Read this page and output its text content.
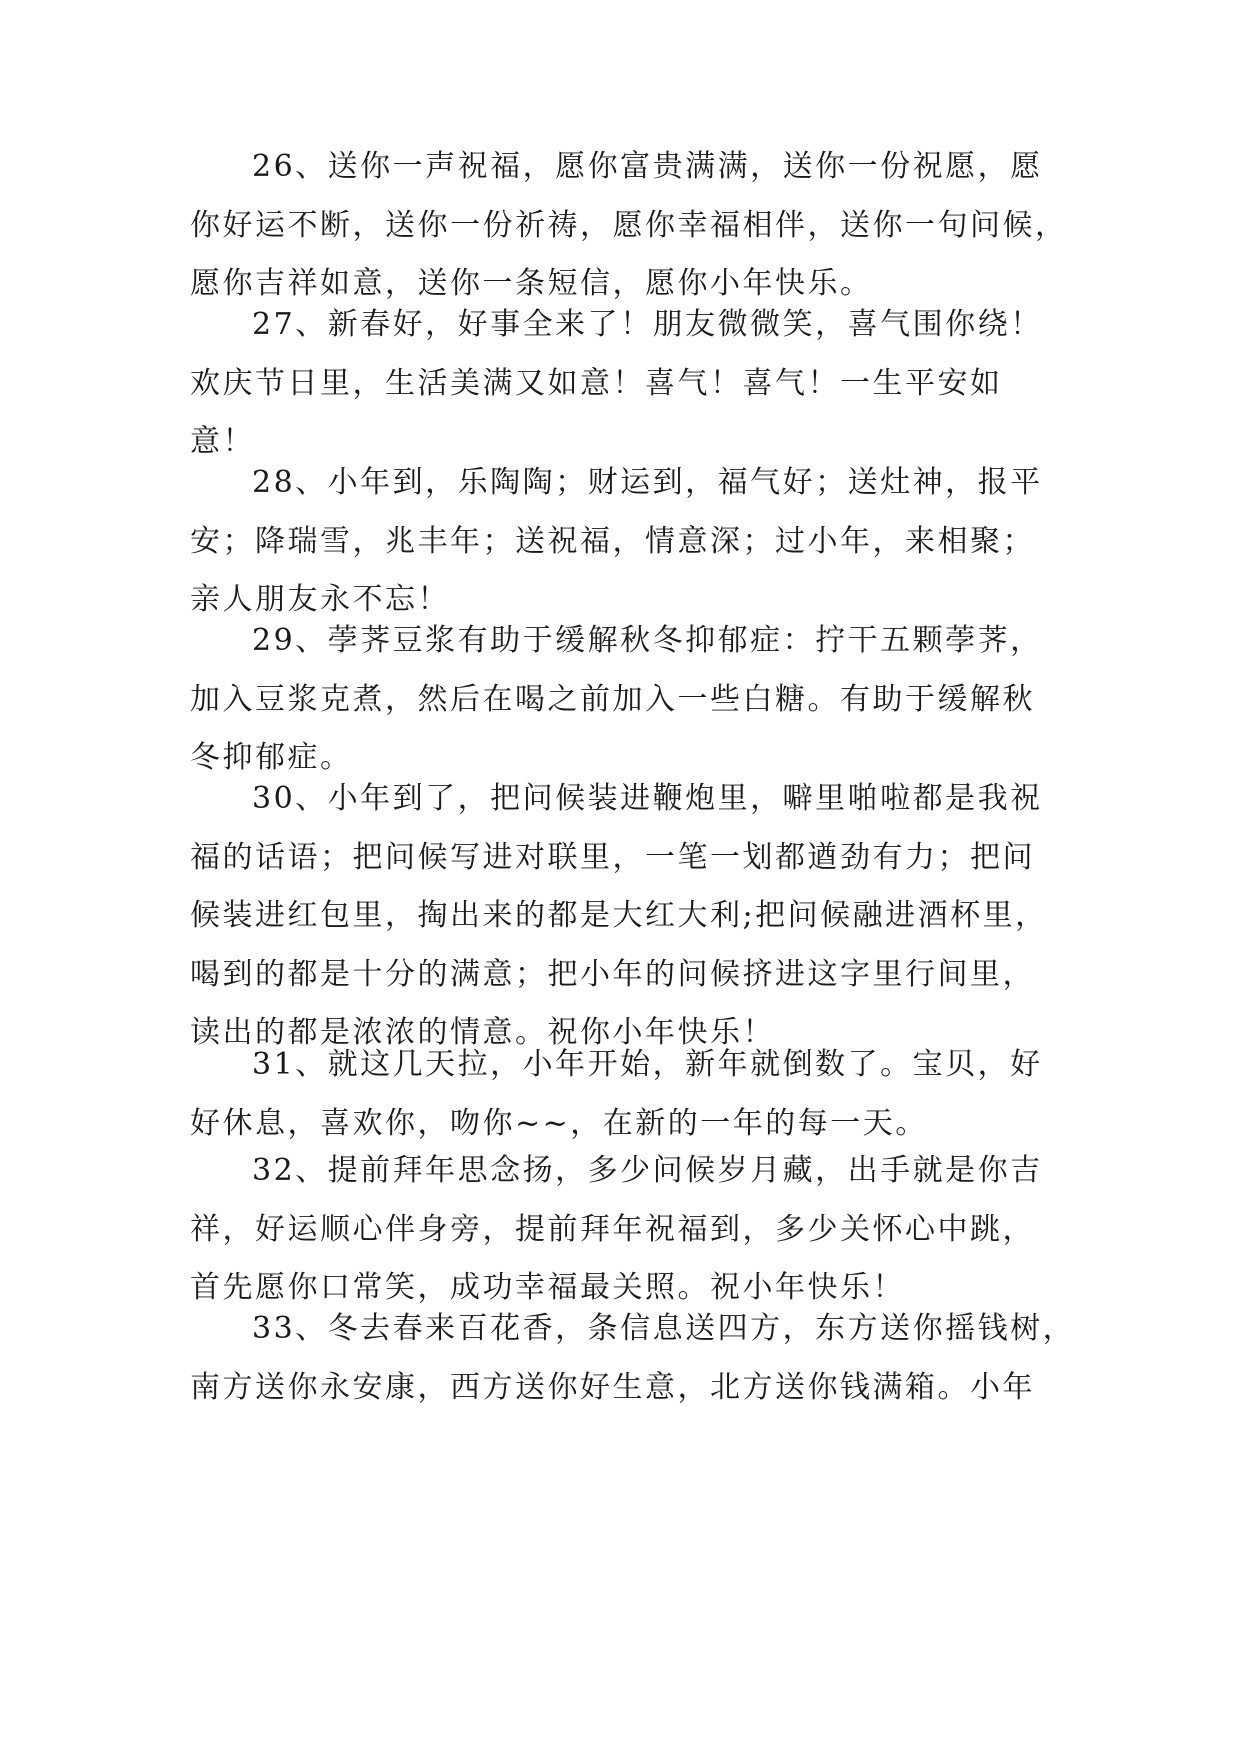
26、送你一声祝福，愿你富贵满满，送你一份祝愿，愿
你好运不断，送你一份祈祷，愿你幸福相伴，送你一句问候，
愿你吉祥如意，送你一条短信，愿你小年快乐。
27、新春好，好事全来了！朋友微微笑，喜气围你绕！
欢庆节日里，生活美满又如意！喜气！喜气！一生平安如
意！
28、小年到，乐陶陶；财运到，福气好；送灶神，报平
安；降瑞雪，兆丰年；送祝福，情意深；过小年，来相聚；
亲人朋友永不忘！
29、荸荠豆浆有助于缓解秋冬抑郁症：拧干五颗荸荠，
加入豆浆克煮，然后在喝之前加入一些白糖。有助于缓解秋
冬抑郁症。
30、小年到了，把问候装进鞭炮里，噼里啪啦都是我祝
福的话语；把问候写进对联里，一笔一划都遒劲有力；把问
候装进红包里，掏出来的都是大红大利;把问候融进酒杯里，
喝到的都是十分的满意；把小年的问候挤进这字里行间里，
读出的都是浓浓的情意。祝你小年快乐！
31、就这几天拉，小年开始，新年就倒数了。宝贝，好
好休息，喜欢你，吻你~~，在新的一年的每一天。
32、提前拜年思念扬，多少问候岁月藏，出手就是你吉
祥，好运顺心伴身旁，提前拜年祝福到，多少关怀心中跳，
首先愿你口常笑，成功幸福最关照。祝小年快乐！
33、冬去春来百花香，条信息送四方，东方送你摇钱树，
南方送你永安康，西方送你好生意，北方送你钱满箱。小年
